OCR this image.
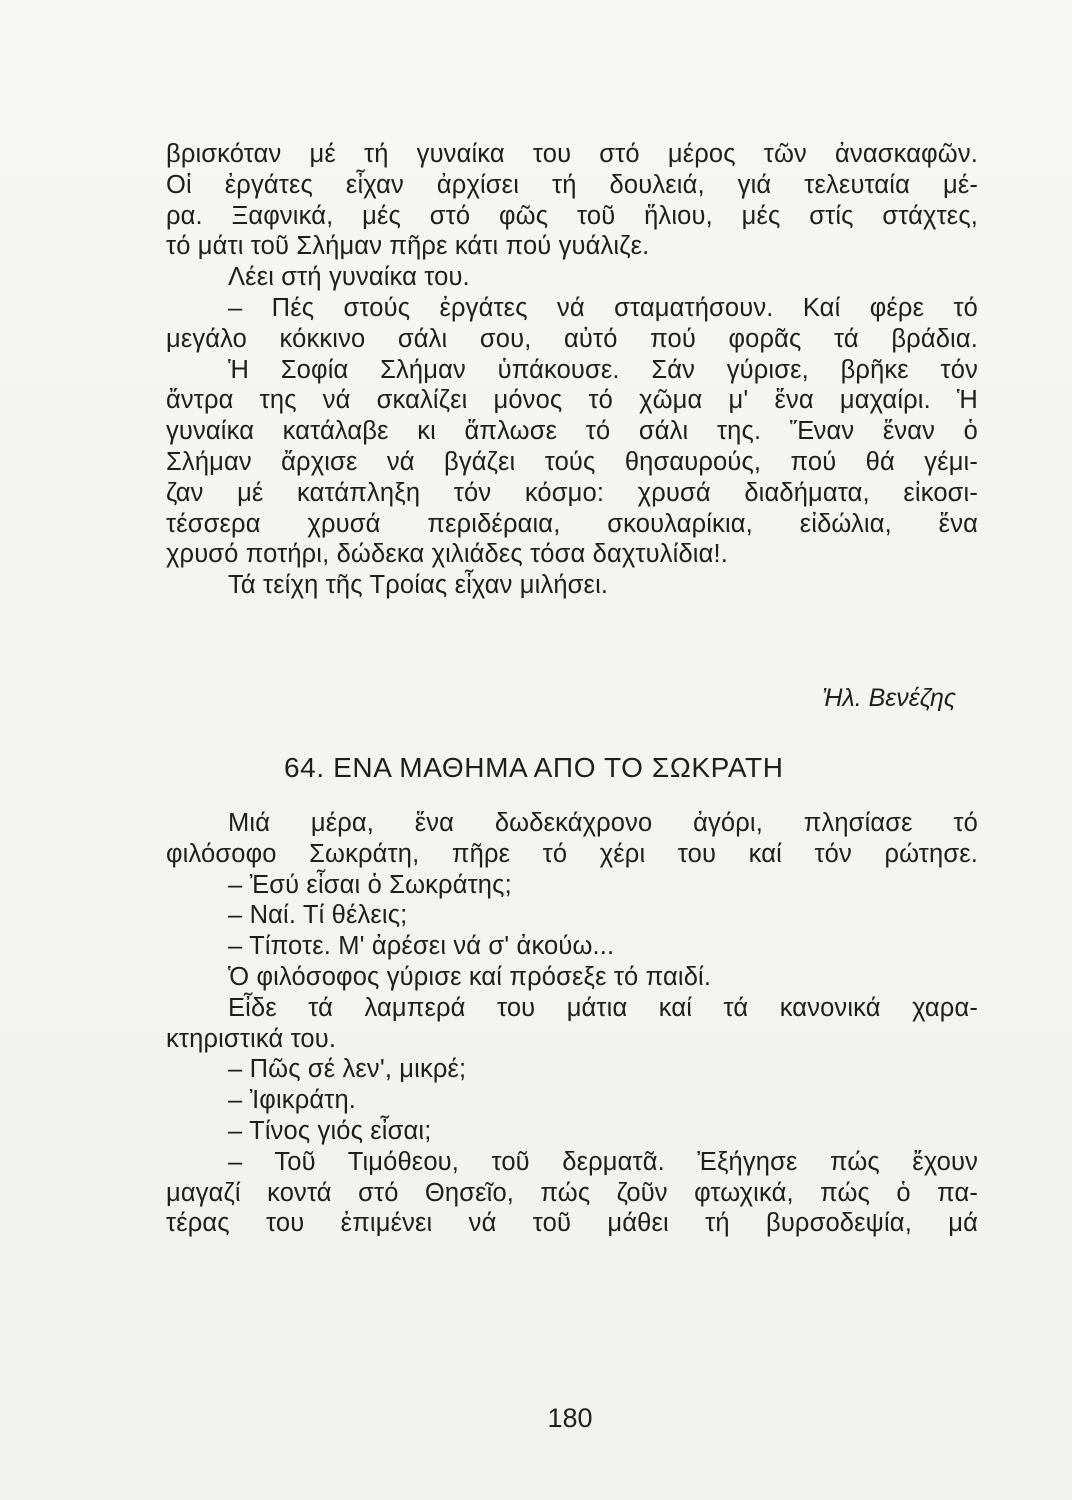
βρισκόταν μέ τή γυναίκα του στό μέρος τῶν ἀνασκαφῶν.
Οἱ ἐργάτες εἶχαν ἀρχίσει τή δουλειά, γιά τελευταία μέ-
ρα. Ξαφνικά, μές στό φῶς τοῦ ἥλιου, μές στίς στάχτες,
τό μάτι τοῦ Σλήμαν πῆρε κάτι πού γυάλιζε.
Λέει στή γυναίκα του.
– Πές στούς ἐργάτες νά σταματήσουν. Καί φέρε τό
μεγάλο κόκκινο σάλι σου, αὐτό πού φορᾶς τά βράδια.
Ἡ Σοφία Σλήμαν ὑπάκουσε. Σάν γύρισε, βρῆκε τόν
ἄντρα της νά σκαλίζει μόνος τό χῶμα μ' ἕνα μαχαίρι. Ἡ
γυναίκα κατάλαβε κι ἅπλωσε τό σάλι της. Ἕναν ἕναν ὁ
Σλήμαν ἄρχισε νά βγάζει τούς θησαυρούς, πού θά γέμι-
ζαν μέ κατάπληξη τόν κόσμο: χρυσά διαδήματα, εἰκοσι-
τέσσερα χρυσά περιδέραια, σκουλαρίκια, εἰδώλια, ἕνα
χρυσό ποτήρι, δώδεκα χιλιάδες τόσα δαχτυλίδια!.
Τά τείχη τῆς Τροίας εἶχαν μιλήσει.
Ἠλ. Βενέζης
64. ΕΝΑ ΜΑΘΗΜΑ ΑΠΟ ΤΟ ΣΩΚΡΑΤΗ
Μιά μέρα, ἕνα δωδεκάχρονο ἀγόρι, πλησίασε τό
φιλόσοφο Σωκράτη, πῆρε τό χέρι του καί τόν ρώτησε.
– Ἐσύ εἶσαι ὁ Σωκράτης;
– Ναί. Τί θέλεις;
– Τίποτε. Μ' ἀρέσει νά σ' ἀκούω...
Ὁ φιλόσοφος γύρισε καί πρόσεξε τό παιδί.
Εἶδε τά λαμπερά του μάτια καί τά κανονικά χαρα-
κτηριστικά του.
– Πῶς σέ λεν', μικρέ;
– Ἰφικράτη.
– Τίνος γιός εἶσαι;
– Τοῦ Τιμόθεου, τοῦ δερματᾶ. Ἐξήγησε πώς ἔχουν
μαγαζί κοντά στό Θησεῖο, πώς ζοῦν φτωχικά, πώς ὁ πα-
τέρας του ἐπιμένει νά τοῦ μάθει τή βυρσοδεψία, μά
180
